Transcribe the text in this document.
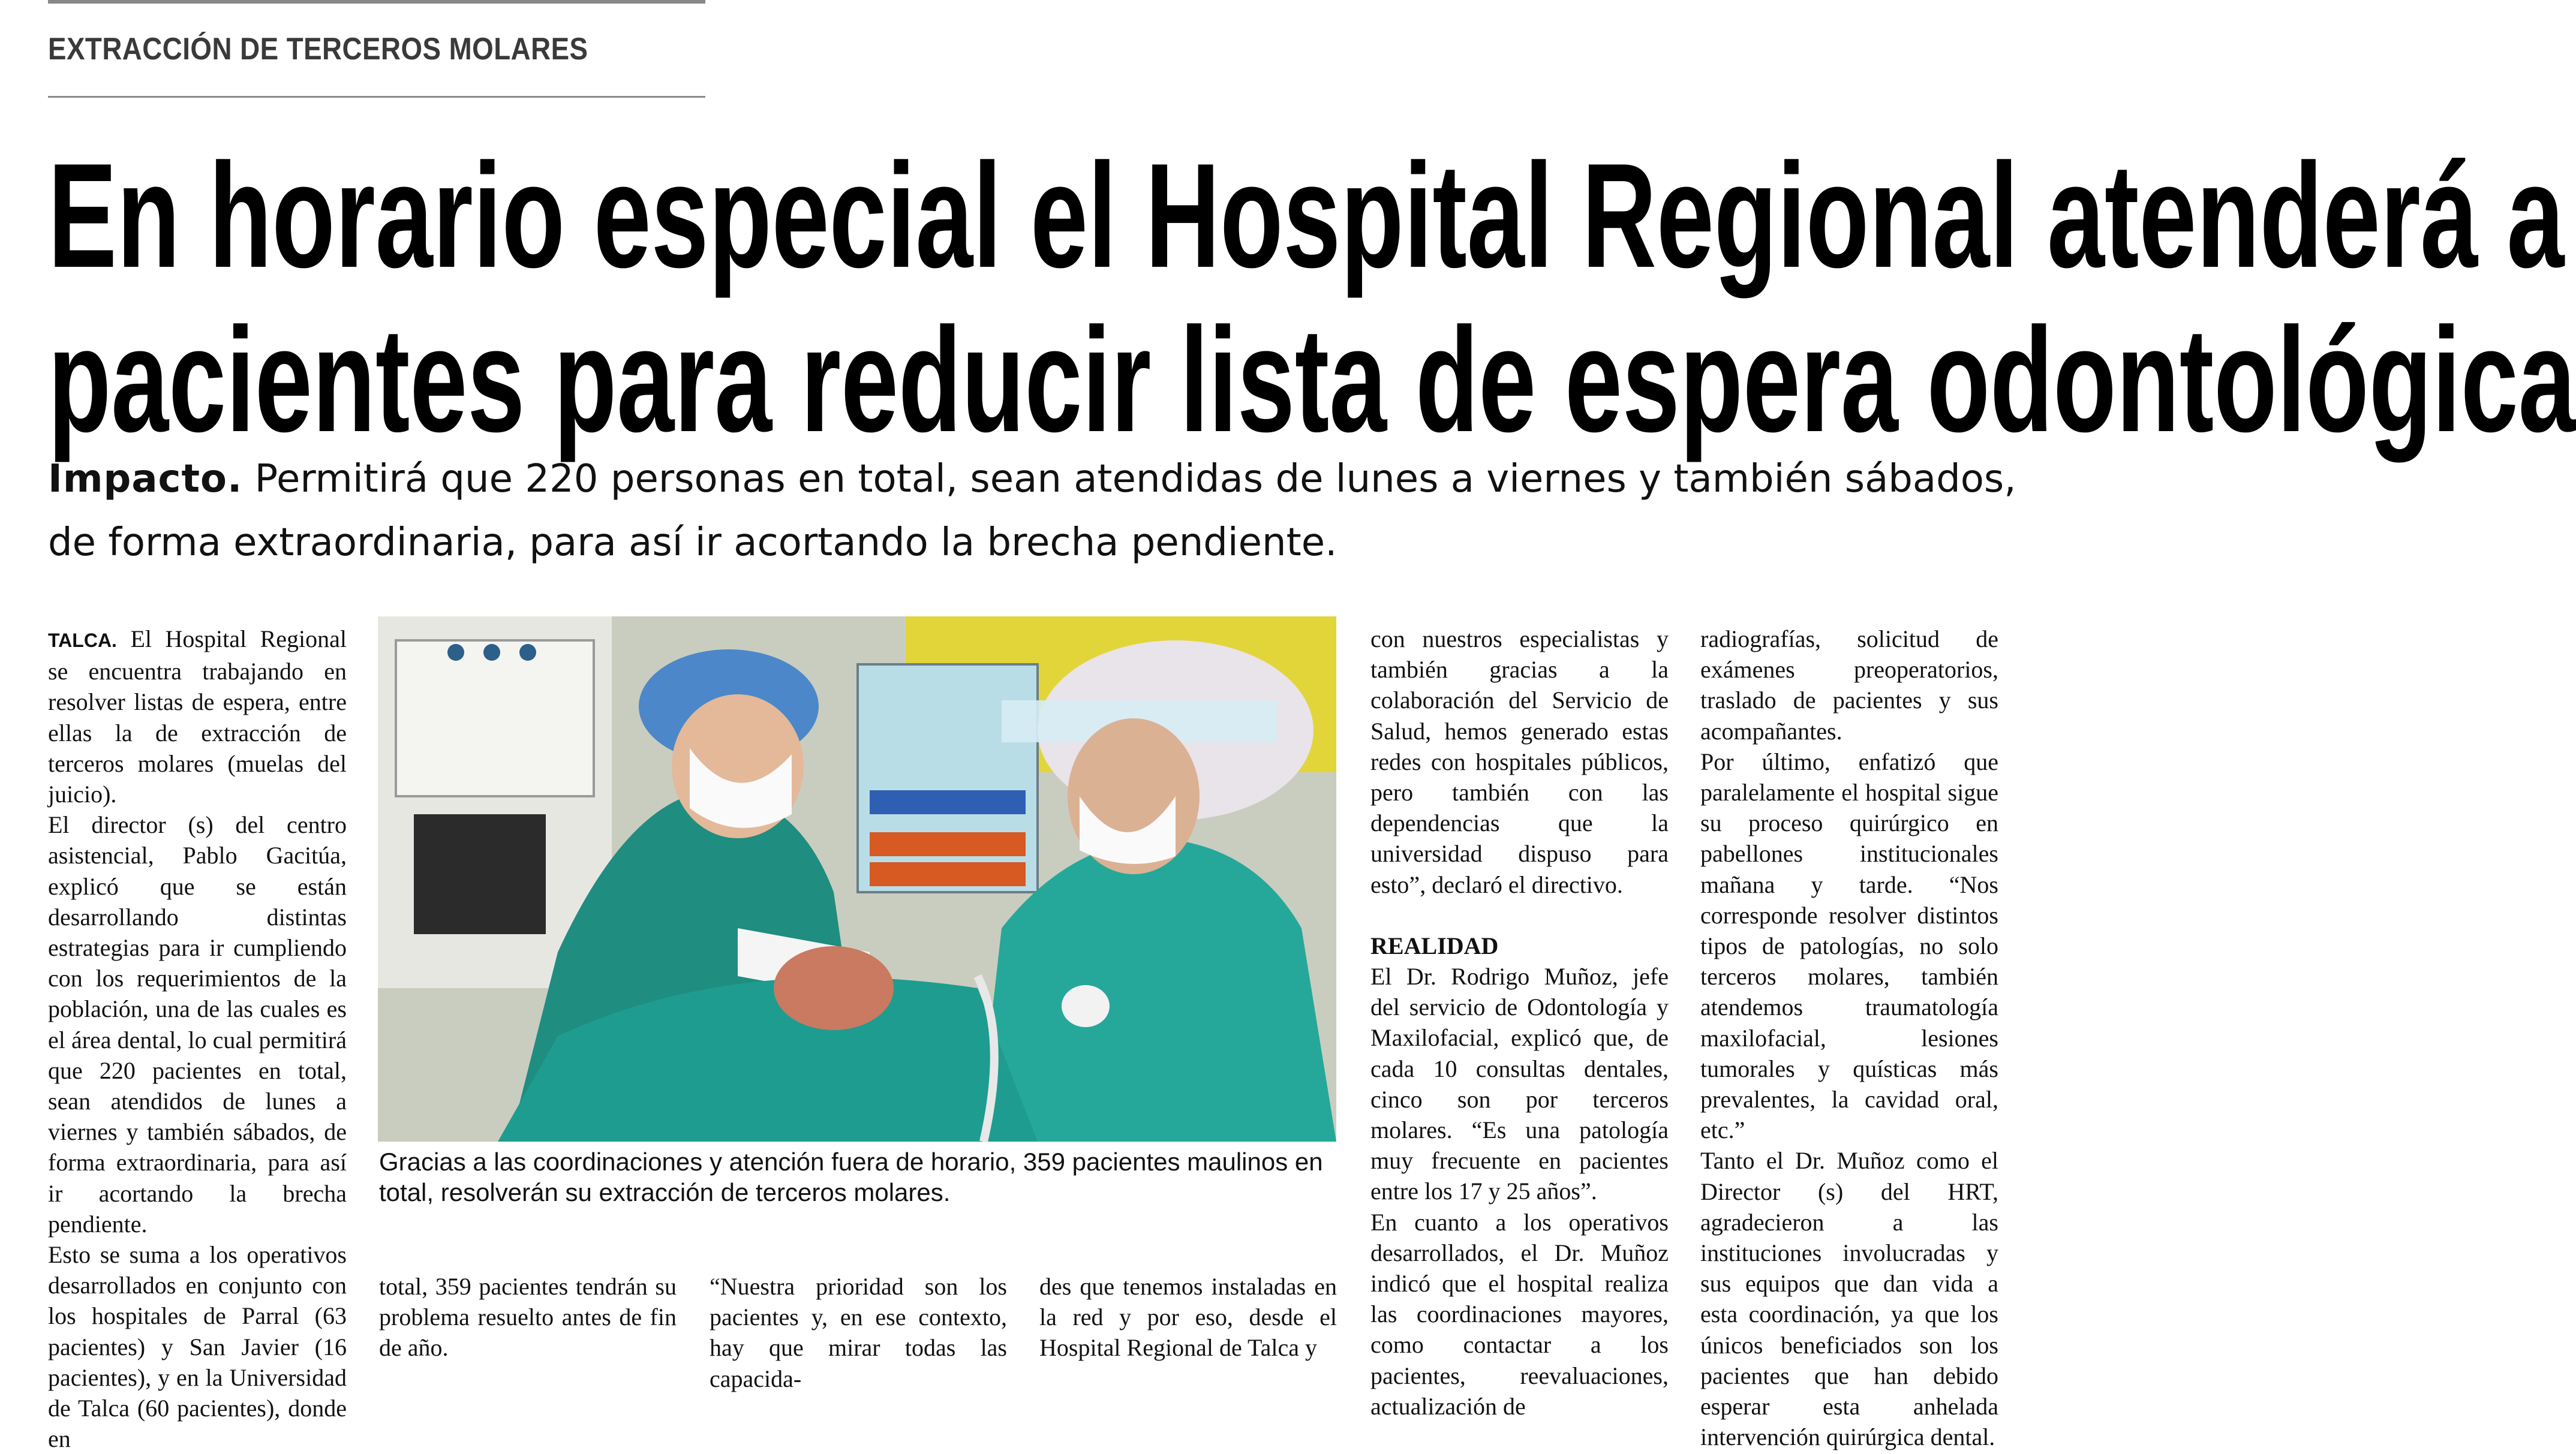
EXTRACCIÓN DE TERCEROS MOLARES
En horario especial el Hospital Regional atenderá a
pacientes para reducir lista de espera odontológica
Impacto. Permitirá que 220 personas en total, sean atendidas de lunes a viernes y también sábados, de forma extraordinaria, para así ir acortando la brecha pendiente.

TALCA. El Hospital Regional se encuentra trabajando en resolver listas de espera, entre ellas la de extracción de terceros molares (muelas del juicio).

El director (s) del centro asistencial, Pablo Gacitúa, explicó que se están desarrollando distintas estrategias para ir cumpliendo con los requerimientos de la población, una de las cuales es el área dental, lo cual permitirá que 220 pacientes en total, sean atendidos de lunes a viernes y también sábados, de forma extraordinaria, para así ir acortando la brecha pendiente.

Esto se suma a los operativos desarrollados en conjunto con los hospitales de Parral (63 pacientes) y San Javier (16 pacientes), y en la Universidad de Talca (60 pacientes), donde en

Gracias a las coordinaciones y atención fuera de horario, 359 pacientes maulinos en total, resolverán su extracción de terceros molares.

total, 359 pacientes tendrán su problema resuelto antes de fin de año.

“Nuestra prioridad son los pacientes y, en ese contexto, hay que mirar todas las capacida-

des que tenemos instaladas en la red y por eso, desde el Hospital Regional de Talca y

con nuestros especialistas y también gracias a la colaboración del Servicio de Salud, hemos generado estas redes con hospitales públicos, pero también con las dependencias que la universidad dispuso para esto”, declaró el directivo.

REALIDAD

El Dr. Rodrigo Muñoz, jefe del servicio de Odontología y Maxilofacial, explicó que, de cada 10 consultas dentales, cinco son por terceros molares. “Es una patología muy frecuente en pacientes entre los 17 y 25 años”.

En cuanto a los operativos desarrollados, el Dr. Muñoz indicó que el hospital realiza las coordinaciones mayores, como contactar a los pacientes, reevaluaciones, actualización de

radiografías, solicitud de exámenes preoperatorios, traslado de pacientes y sus acompañantes.

Por último, enfatizó que paralelamente el hospital sigue su proceso quirúrgico en pabellones institucionales mañana y tarde. “Nos corresponde resolver distintos tipos de patologías, no solo terceros molares, también atendemos traumatología maxilofacial, lesiones tumorales y quísticas más prevalentes, la cavidad oral, etc.”

Tanto el Dr. Muñoz como el Director (s) del HRT, agradecieron a las instituciones involucradas y sus equipos que dan vida a esta coordinación, ya que los únicos beneficiados son los pacientes que han debido esperar esta anhelada intervención quirúrgica dental.
